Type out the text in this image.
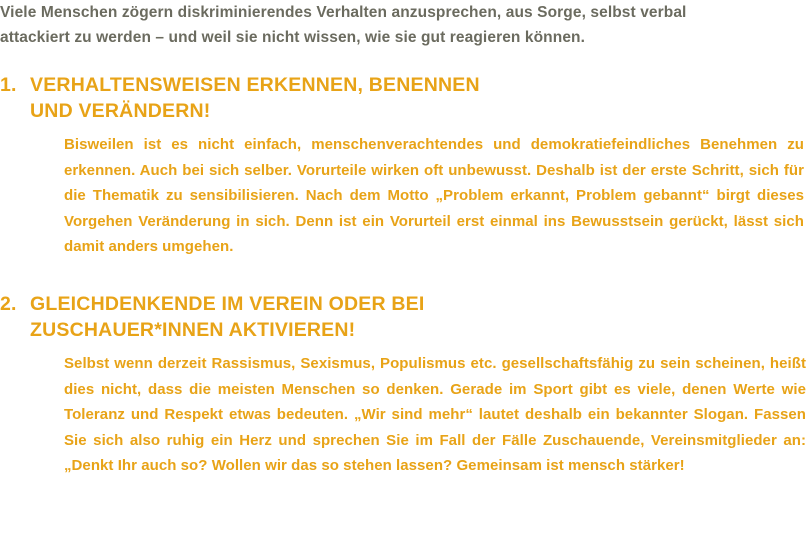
Viele Menschen zögern diskriminierendes Verhalten anzusprechen, aus Sorge, selbst verbal
attackiert zu werden – und weil sie nicht wissen, wie sie gut reagieren können.
1. VERHALTENSWEISEN ERKENNEN, BENENNEN
UND VERÄNDERN!
Bisweilen ist es nicht einfach, menschenverachtendes und demokratiefeindliches Benehmen zu erkennen. Auch bei sich selber. Vorurteile wirken oft unbewusst. Deshalb ist der erste Schritt, sich für die Thematik zu sensibilisieren. Nach dem Motto „Problem erkannt, Problem gebannt“ birgt dieses Vorgehen Veränderung in sich. Denn ist ein Vorurteil erst einmal ins Bewusstsein gerückt, lässt sich damit anders umgehen.
2. GLEICHDENKENDE IM VEREIN ODER BEI
ZUSCHAUER*INNEN AKTIVIEREN!
Selbst wenn derzeit Rassismus, Sexismus, Populismus etc. gesellschaftsfähig zu sein scheinen, heißt dies nicht, dass die meisten Menschen so denken. Gerade im Sport gibt es viele, denen Werte wie Toleranz und Respekt etwas bedeuten. „Wir sind mehr“ lautet deshalb ein bekannter Slogan. Fassen Sie sich also ruhig ein Herz und sprechen Sie im Fall der Fälle Zuschauende, Vereinsmitglieder an: „Denkt Ihr auch so? Wollen wir das so stehen lassen? Gemeinsam ist mensch stärker!
